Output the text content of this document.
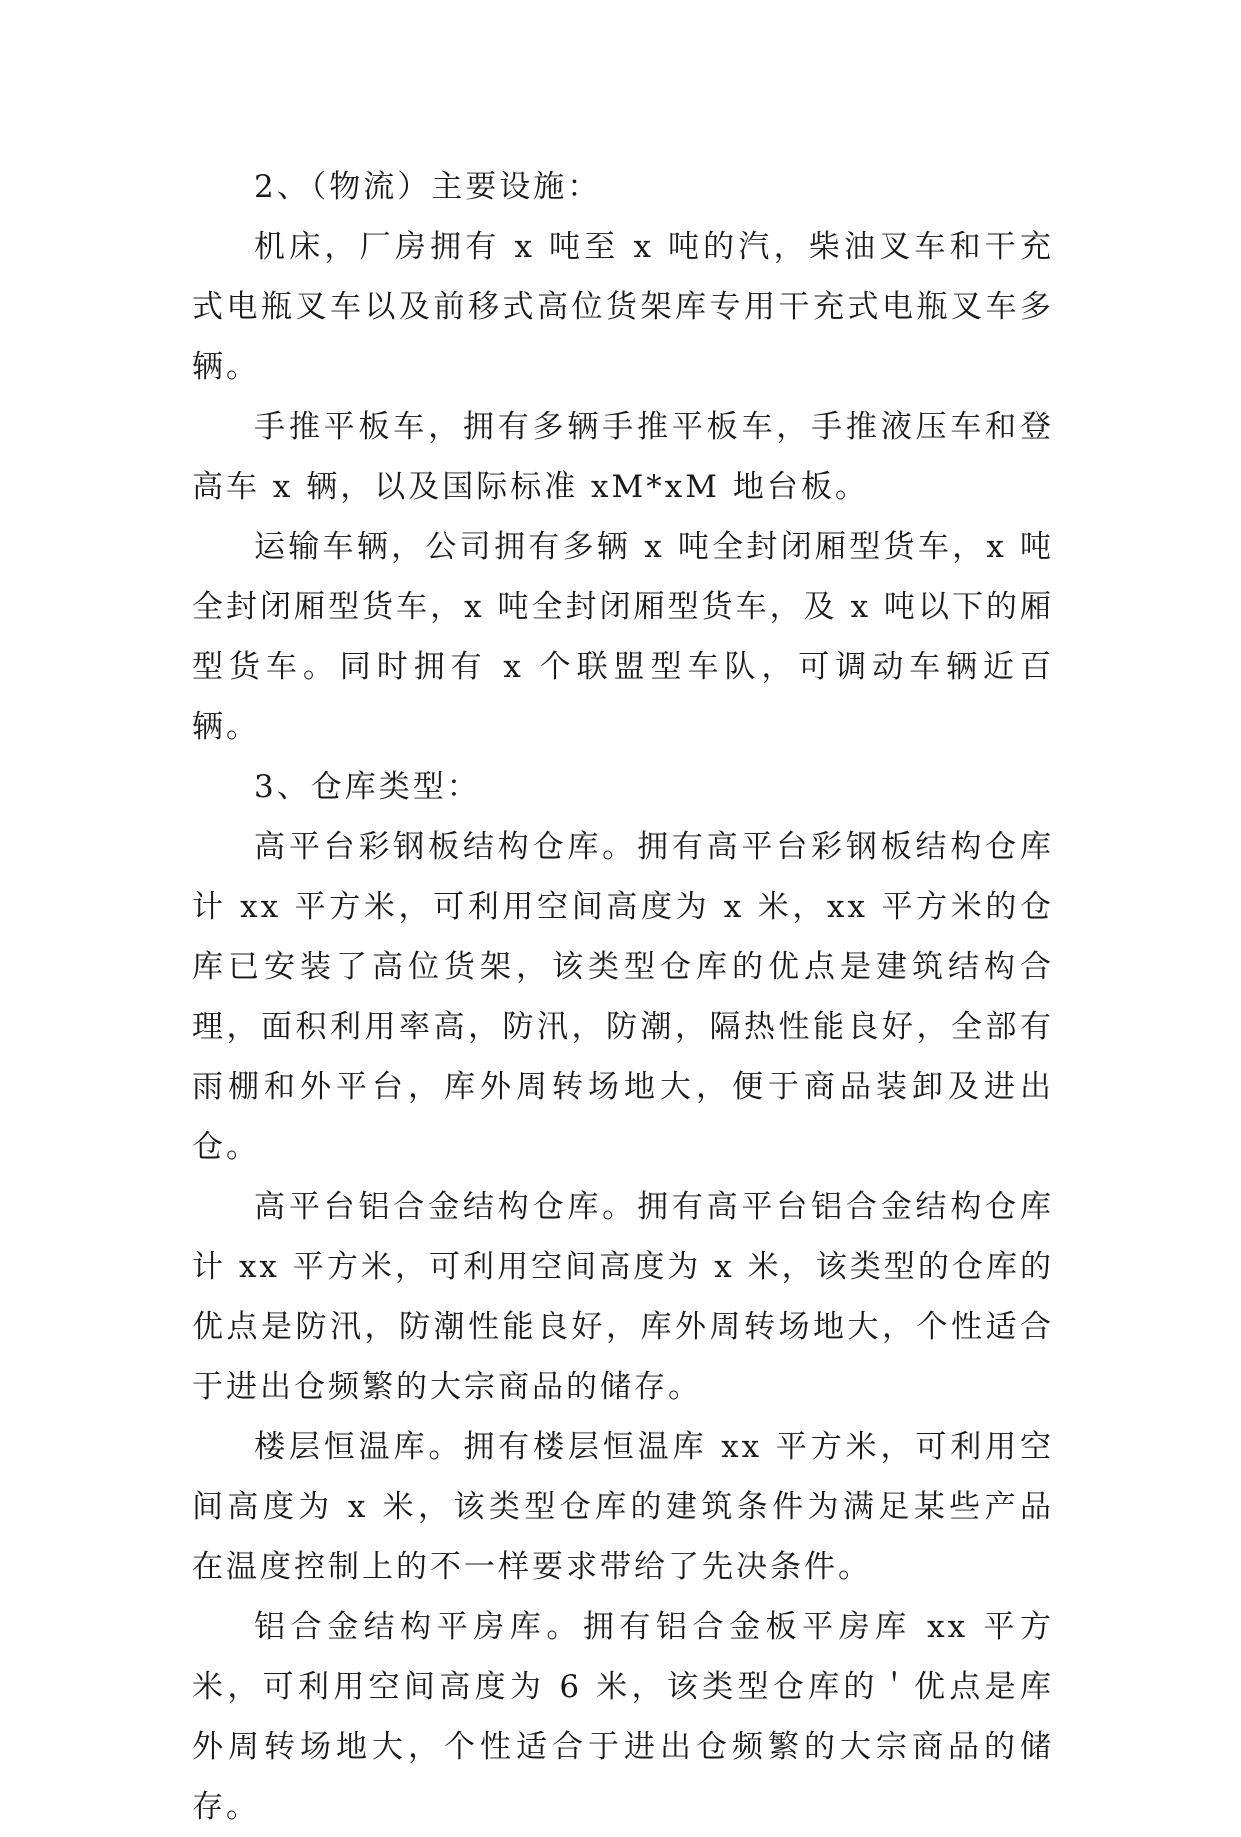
2、（物流）主要设施：

机床，厂房拥有 x 吨至 x 吨的汽，柴油叉车和干充式电瓶叉车以及前移式高位货架库专用干充式电瓶叉车多辆。

手推平板车，拥有多辆手推平板车，手推液压车和登高车 x 辆，以及国际标准 xM*xM 地台板。

运输车辆，公司拥有多辆 x 吨全封闭厢型货车，x 吨全封闭厢型货车，x 吨全封闭厢型货车，及 x 吨以下的厢型货车。同时拥有 x 个联盟型车队，可调动车辆近百辆。

3、仓库类型：

高平台彩钢板结构仓库。拥有高平台彩钢板结构仓库计 xx 平方米，可利用空间高度为 x 米，xx 平方米的仓库已安装了高位货架，该类型仓库的优点是建筑结构合理，面积利用率高，防汛，防潮，隔热性能良好，全部有雨棚和外平台，库外周转场地大，便于商品装卸及进出仓。

高平台铝合金结构仓库。拥有高平台铝合金结构仓库计 xx 平方米，可利用空间高度为 x 米，该类型的仓库的优点是防汛，防潮性能良好，库外周转场地大，个性适合于进出仓频繁的大宗商品的储存。

楼层恒温库。拥有楼层恒温库 xx 平方米，可利用空间高度为 x 米，该类型仓库的建筑条件为满足某些产品在温度控制上的不一样要求带给了先决条件。

铝合金结构平房库。拥有铝合金板平房库 xx 平方米，可利用空间高度为 6 米，该类型仓库的＇优点是库外周转场地大，个性适合于进出仓频繁的大宗商品的储存。
